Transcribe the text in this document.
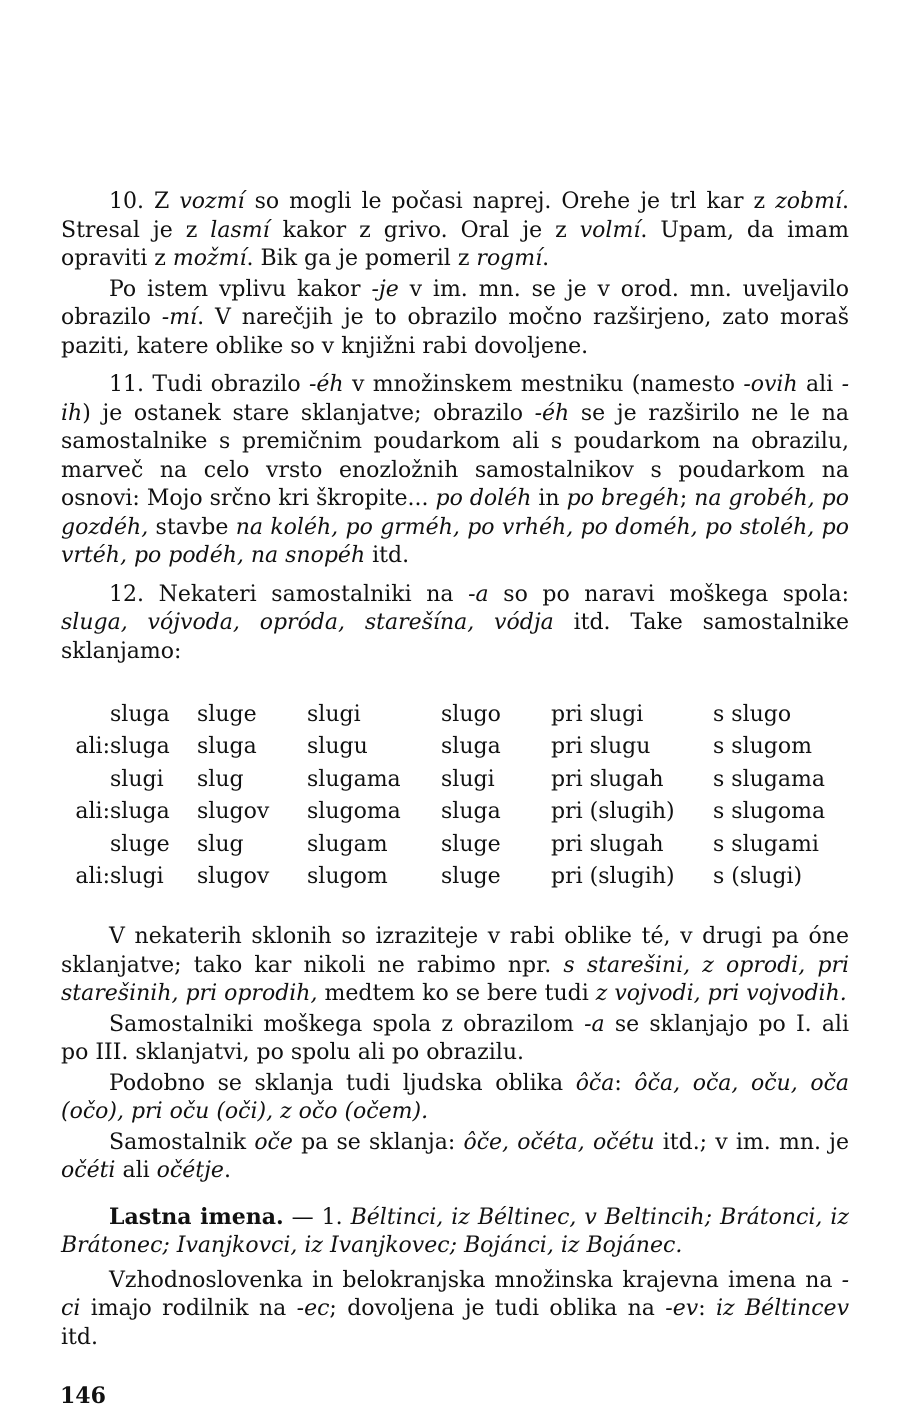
10. Z vozmí so mogli le počasi naprej. Orehe je trl kar z zobmí. Stresal je z lasmí kakor z grivo. Oral je z volmí. Upam, da imam opraviti z možmí. Bik ga je pomeril z rogmí.

Po istem vplivu kakor -je v im. mn. se je v orod. mn. uveljavilo obrazilo -mí. V narečjih je to obrazilo močno razširjeno, zato moraš paziti, katere oblike so v knjižni rabi dovoljene.

11. Tudi obrazilo -éh v množinskem mestniku (namesto -ovih ali -ih) je ostanek stare sklanjatve; obrazilo -éh se je razširilo ne le na samostalnike s premičnim poudarkom ali s poudarkom na obrazilu, marveč na celo vrsto enozložnih samostalnikov s poudarkom na osnovi: Mojo srčno kri škropite... po doléh in po bregéh; na grobéh, po gozdéh, stavbe na koléh, po grméh, po vrhéh, po doméh, po stoléh, po vrtéh, po podéh, na snopéh itd.

12. Nekateri samostalniki na -a so po naravi moškega spola: sluga, vójvoda, opróda, starešína, vódja itd. Take samostalnike sklanjamo:

	sluga	sluge	slugi	slugo	pri slugi	s slugo
ali:	sluga	sluga	slugu	sluga	pri slugu	s slugom
	slugi	slug	slugama	slugi	pri slugah	s slugama
ali:	sluga	slugov	slugoma	sluga	pri (slugih)	s slugoma
	sluge	slug	slugam	sluge	pri slugah	s slugami
ali:	slugi	slugov	slugom	sluge	pri (slugih)	s (slugi)

V nekaterih sklonih so izraziteje v rabi oblike té, v drugi pa óne sklanjatve; tako kar nikoli ne rabimo npr. s starešini, z oprodi, pri starešinih, pri oprodih, medtem ko se bere tudi z vojvodi, pri vojvodih.

Samostalniki moškega spola z obrazilom -a se sklanjajo po I. ali po III. sklanjatvi, po spolu ali po obrazilu.

Podobno se sklanja tudi ljudska oblika ôča: ôča, oča, oču, oča (očo), pri oču (oči), z očo (očem).

Samostalnik oče pa se sklanja: ôče, očéta, očétu itd.; v im. mn. je očéti ali očétje.

Lastna imena. — 1. Béltinci, iz Béltinec, v Beltincih; Brátonci, iz Brátonec; Ivanjkovci, iz Ivanjkovec; Bojánci, iz Bojánec.

Vzhodnoslovenka in belokranjska množinska krajevna imena na -ci imajo rodilnik na -ec; dovoljena je tudi oblika na -ev: iz Béltincev itd.

146
